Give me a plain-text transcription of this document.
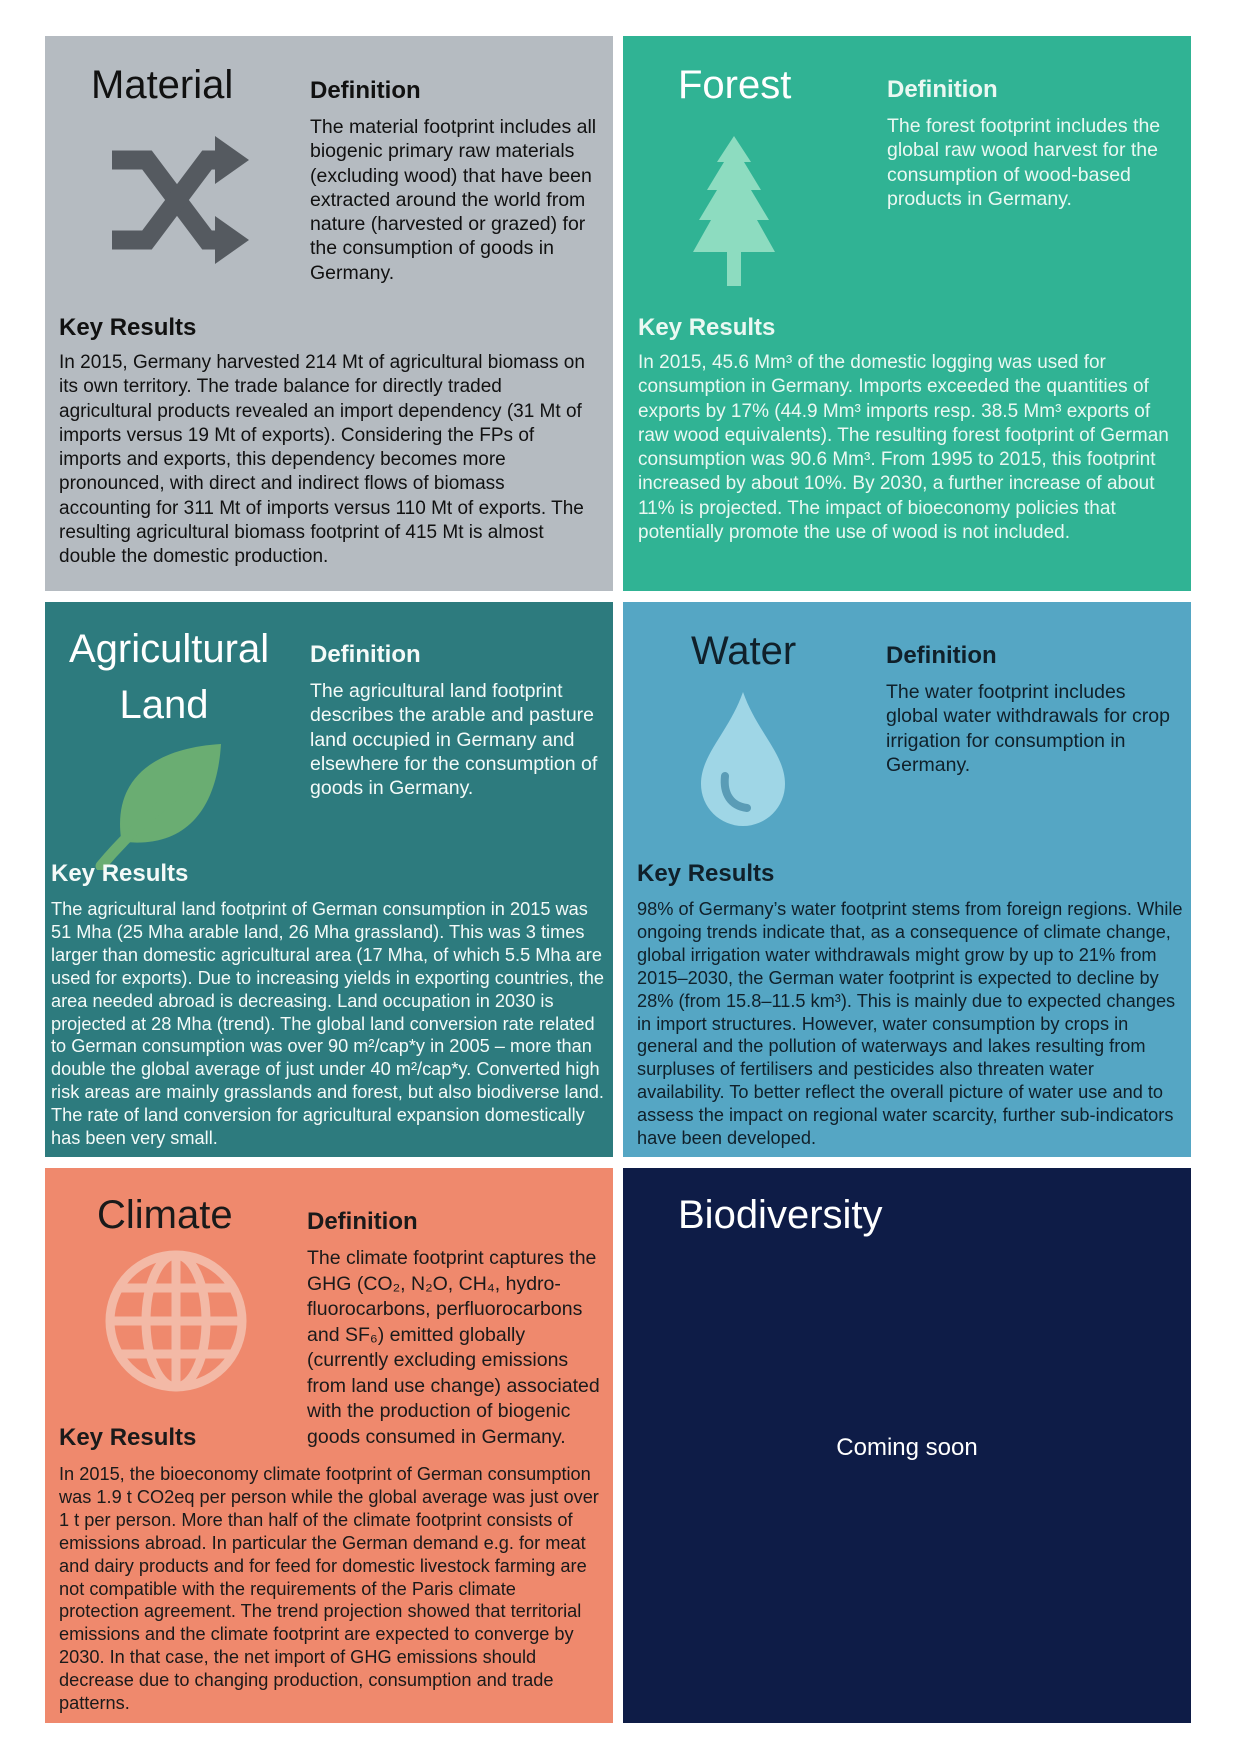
Material	Definition
The material footprint includes all biogenic primary raw materials (excluding wood) that have been extracted around the world from nature (harvested or grazed) for the consumption of goods in Germany.
Key Results
In 2015, Germany harvested 214 Mt of agricultural biomass on its own territory. The trade balance for directly traded agricultural products revealed an import dependency (31 Mt of imports versus 19 Mt of exports). Considering the FPs of imports and exports, this dependency becomes more pronounced, with direct and indirect flows of biomass accounting for 311 Mt of imports versus 110 Mt of exports. The resulting agricultural biomass footprint of 415 Mt is almost double the domestic production.
Forest	Definition
The forest footprint includes the global raw wood harvest for the consumption of wood-based products in Germany.
Key Results
In 2015, 45.6 Mm³ of the domestic logging was used for consumption in Germany. Imports exceeded the quantities of exports by 17% (44.9 Mm³ imports resp. 38.5 Mm³ exports of raw wood equivalents). The resulting forest footprint of German consumption was 90.6 Mm³. From 1995 to 2015, this footprint increased by about 10%. By 2030, a further increase of about 11% is projected. The impact of bioeconomy policies that potentially promote the use of wood is not included.
Agricultural
Land
Definition
The agricultural land footprint describes the arable and pasture land occupied in Germany and elsewhere for the consumption of goods in Germany.
Key Results
The agricultural land footprint of German consumption in 2015 was 51 Mha (25 Mha arable land, 26 Mha grassland). This was 3 times larger than domestic agricultural area (17 Mha, of which 5.5 Mha are used for exports). Due to increasing yields in exporting countries, the area needed abroad is decreasing. Land occupation in 2030 is projected at 28 Mha (trend). The global land conversion rate related to German consumption was over 90 m²/cap*y in 2005 – more than double the global average of just under 40 m²/cap*y. Converted high risk areas are mainly grasslands and forest, but also biodiverse land. The rate of land conversion for agricultural expansion domestically has been very small.
Water	Definition
The water footprint includes global water withdrawals for crop irrigation for consumption in Germany.
Key Results
98% of Germany’s water footprint stems from foreign regions. While ongoing trends indicate that, as a consequence of climate change, global irrigation water withdrawals might grow by up to 21% from 2015–2030, the German water footprint is expected to decline by 28% (from 15.8–11.5 km³). This is mainly due to expected changes in import structures. However, water consumption by crops in general and the pollution of waterways and lakes resulting from surpluses of fertilisers and pesticides also threaten water availability. To better reflect the overall picture of water use and to assess the impact on regional water scarcity, further sub-indicators have been developed.
Climate	Definition
The climate footprint captures the GHG (CO₂, N₂O, CH₄, hydro-fluorocarbons, perfluorocarbons and SF₆) emitted globally (currently excluding emissions from land use change) associated with the production of biogenic goods consumed in Germany.
Key Results
In 2015, the bioeconomy climate footprint of German consumption was 1.9 t CO2eq per person while the global average was just over 1 t per person. More than half of the climate footprint consists of emissions abroad. In particular the German demand e.g. for meat and dairy products and for feed for domestic livestock farming are not compatible with the requirements of the Paris climate protection agreement. The trend projection showed that territorial emissions and the climate footprint are expected to converge by 2030. In that case, the net import of GHG emissions should decrease due to changing production, consumption and trade patterns.
Biodiversity
Coming soon
